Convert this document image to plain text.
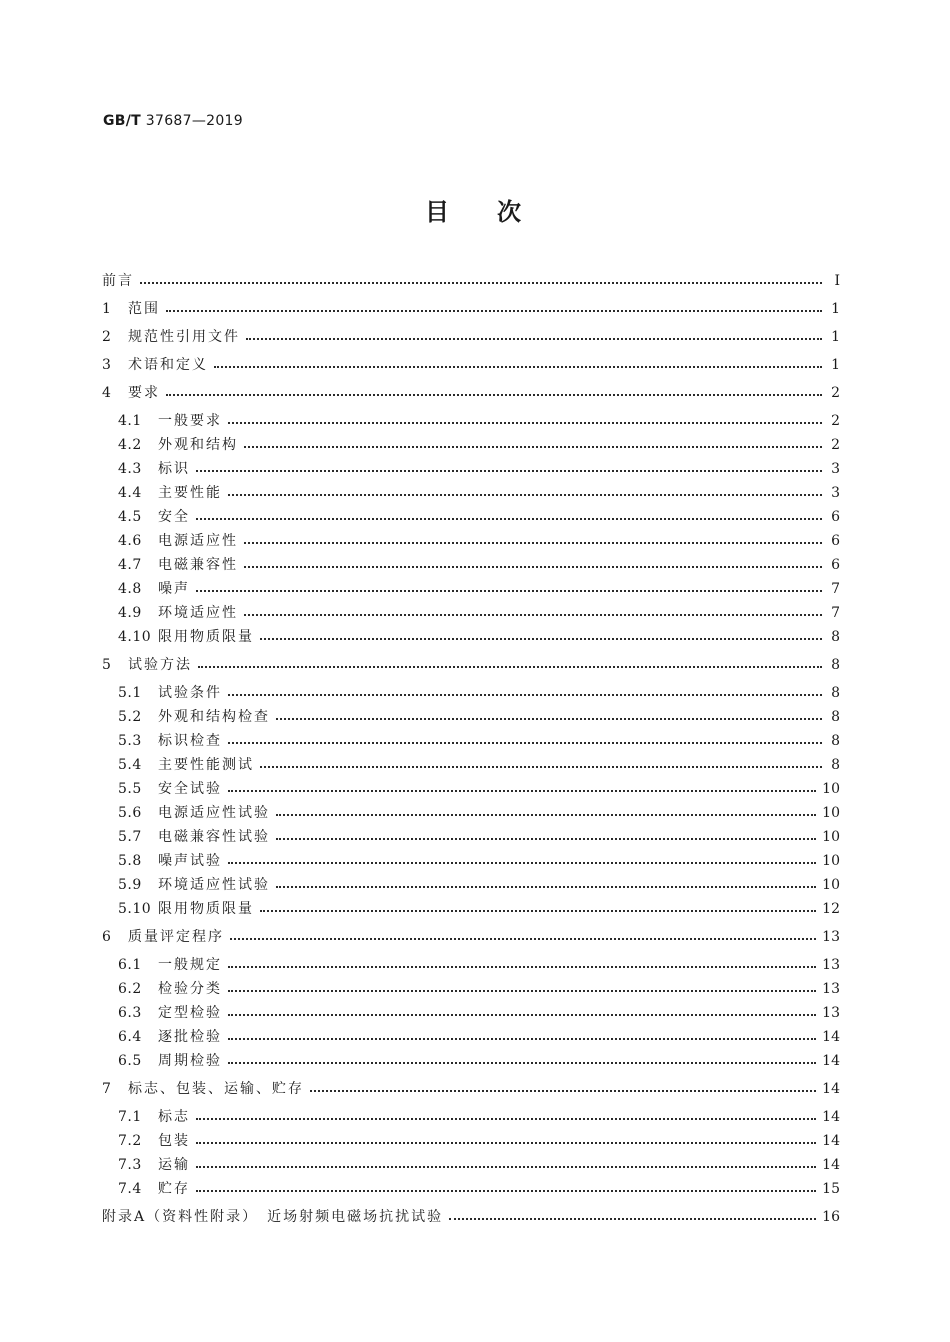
GB/T 37687—2019
目次
前言	Ⅰ
1	范围	1
2	规范性引用文件	1
3	术语和定义	1
4	要求	2
4.1	一般要求	2
4.2	外观和结构	2
4.3	标识	3
4.4	主要性能	3
4.5	安全	6
4.6	电源适应性	6
4.7	电磁兼容性	6
4.8	噪声	7
4.9	环境适应性	7
4.10 限用物质限量	8
5	试验方法	8
5.1	试验条件	8
5.2	外观和结构检查	8
5.3	标识检查	8
5.4	主要性能测试	8
5.5	安全试验	10
5.6	电源适应性试验	10
5.7	电磁兼容性试验	10
5.8	噪声试验	10
5.9	环境适应性试验	10
5.10 限用物质限量	12
6	质量评定程序	13
6.1	一般规定	13
6.2	检验分类	13
6.3	定型检验	13
6.4	逐批检验	14
6.5	周期检验	14
7	标志、包装、运输、贮存	14
7.1	标志	14
7.2	包装	14
7.3	运输	14
7.4	贮存	15
附录A（资料性附录）　近场射频电磁场抗扰试验	16
